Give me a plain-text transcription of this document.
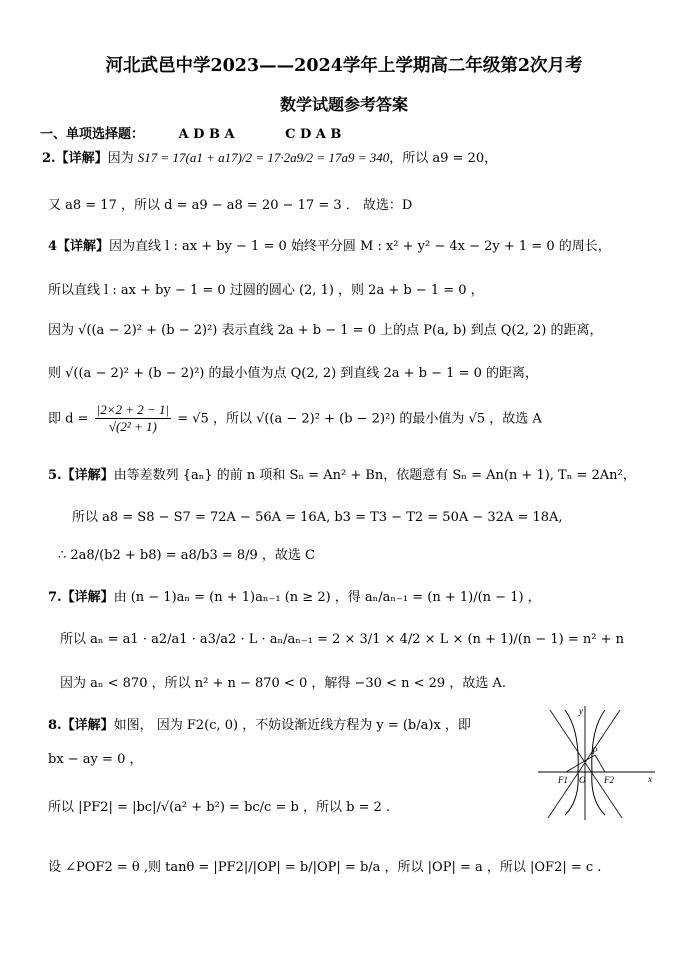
河北武邑中学2023——2024学年上学期高二年级第2次月考
数学试题参考答案
一、单项选择题：	A D B A	C D A B
2.【详解】因为 S17 = 17(a1 + a17)/2 = 17·2a9/2 = 17a9 = 340，所以 a9 = 20，
又 a8 = 17 ，所以 d = a9 − a8 = 20 − 17 = 3 ． 故选：D
4【详解】因为直线 l : ax + by − 1 = 0 始终平分圆 M : x² + y² − 4x − 2y + 1 = 0 的周长，
所以直线 l : ax + by − 1 = 0 过圆的圆心 (2, 1) ，则 2a + b − 1 = 0 ，
因为 √((a − 2)² + (b − 2)²) 表示直线 2a + b − 1 = 0 上的点 P(a, b) 到点 Q(2, 2) 的距离，
则 √((a − 2)² + (b − 2)²) 的最小值为点 Q(2, 2) 到直线 2a + b − 1 = 0 的距离，
即 $d = \frac{|2\times 2 + 2 - 1|}{\text{√(2² + 1)}} = √5$ ，所以 √((a − 2)² + (b − 2)²) 的最小值为 √5 ，故选 A
5.【详解】由等差数列 {aₙ} 的前 n 项和 Sₙ = An² + Bn，依题意有 Sₙ = An(n + 1), Tₙ = 2An²，
所以 a8 = S8 − S7 = 72A − 56A = 16A, b3 = T3 − T2 = 50A − 32A = 18A,
∴ 2a8/(b2 + b8) = a8/b3 = 8/9 ，故选 C
7.【详解】由 (n − 1)aₙ = (n + 1)aₙ₋₁ (n ≥ 2) ，得 aₙ/aₙ₋₁ = (n + 1)/(n − 1) ，
所以 aₙ = a1 · a2/a1 · a3/a2 · L · aₙ/aₙ₋₁ = 2 × 3/1 × 4/2 × L × (n + 1)/(n − 1) = n² + n
因为 aₙ < 870 ，所以 n² + n − 870 < 0 ，解得 −30 < n < 29 ，故选 A.
8.【详解】如图， 因为 F2(c, 0) ，不妨设渐近线方程为 y = (b/a)x ，即
bx − ay = 0 ，
所以 |PF2| = |bc|/√(a² + b²) = bc/c = b ，所以 b = 2 .
设 ∠POF2 = θ ,则 tanθ = |PF2|/|OP| = b/|OP| = b/a ，所以 |OP| = a ，所以 |OF2| = c .
y
x
P
O
F1	F2
